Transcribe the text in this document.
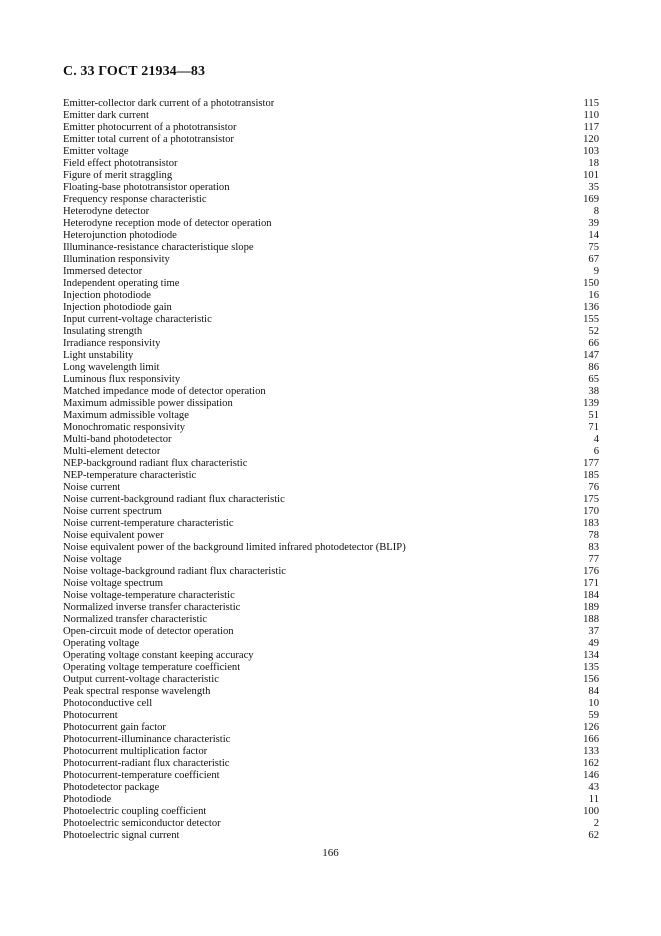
С. 33 ГОСТ 21934—83
Emitter-collector dark current of a phototransistor	115
Emitter dark current	110
Emitter photocurrent of a phototransistor	117
Emitter total current of a phototransistor	120
Emitter voltage	103
Field effect phototransistor	18
Figure of merit straggling	101
Floating-base phototransistor operation	35
Frequency response characteristic	169
Heterodyne detector	8
Heterodyne reception mode of detector operation	39
Heterojunction photodiode	14
Illuminance-resistance characteristique slope	75
Illumination responsivity	67
Immersed detector	9
Independent operating time	150
Injection photodiode	16
Injection photodiode gain	136
Input current-voltage characteristic	155
Insulating strength	52
Irradiance responsivity	66
Light unstability	147
Long wavelength limit	86
Luminous flux responsivity	65
Matched impedance mode of detector operation	38
Maximum admissible power dissipation	139
Maximum admissible voltage	51
Monochromatic responsivity	71
Multi-band photodetector	4
Multi-element detector	6
NEP-background radiant flux characteristic	177
NEP-temperature characteristic	185
Noise current	76
Noise current-background radiant flux characteristic	175
Noise current spectrum	170
Noise current-temperature characteristic	183
Noise equivalent power	78
Noise equivalent power of the background limited infrared photodetector (BLIP)	83
Noise voltage	77
Noise voltage-background radiant flux characteristic	176
Noise voltage spectrum	171
Noise voltage-temperature characteristic	184
Normalized inverse transfer characteristic	189
Normalized transfer characteristic	188
Open-circuit mode of detector operation	37
Operating voltage	49
Operating voltage constant keeping accuracy	134
Operating voltage temperature coefficient	135
Output current-voltage characteristic	156
Peak spectral response wavelength	84
Photoconductive cell	10
Photocurrent	59
Photocurrent gain factor	126
Photocurrent-illuminance characteristic	166
Photocurrent multiplication factor	133
Photocurrent-radiant flux characteristic	162
Photocurrent-temperature coefficient	146
Photodetector package	43
Photodiode	11
Photoelectric coupling coefficient	100
Photoelectric semiconductor detector	2
Photoelectric signal current	62
166
